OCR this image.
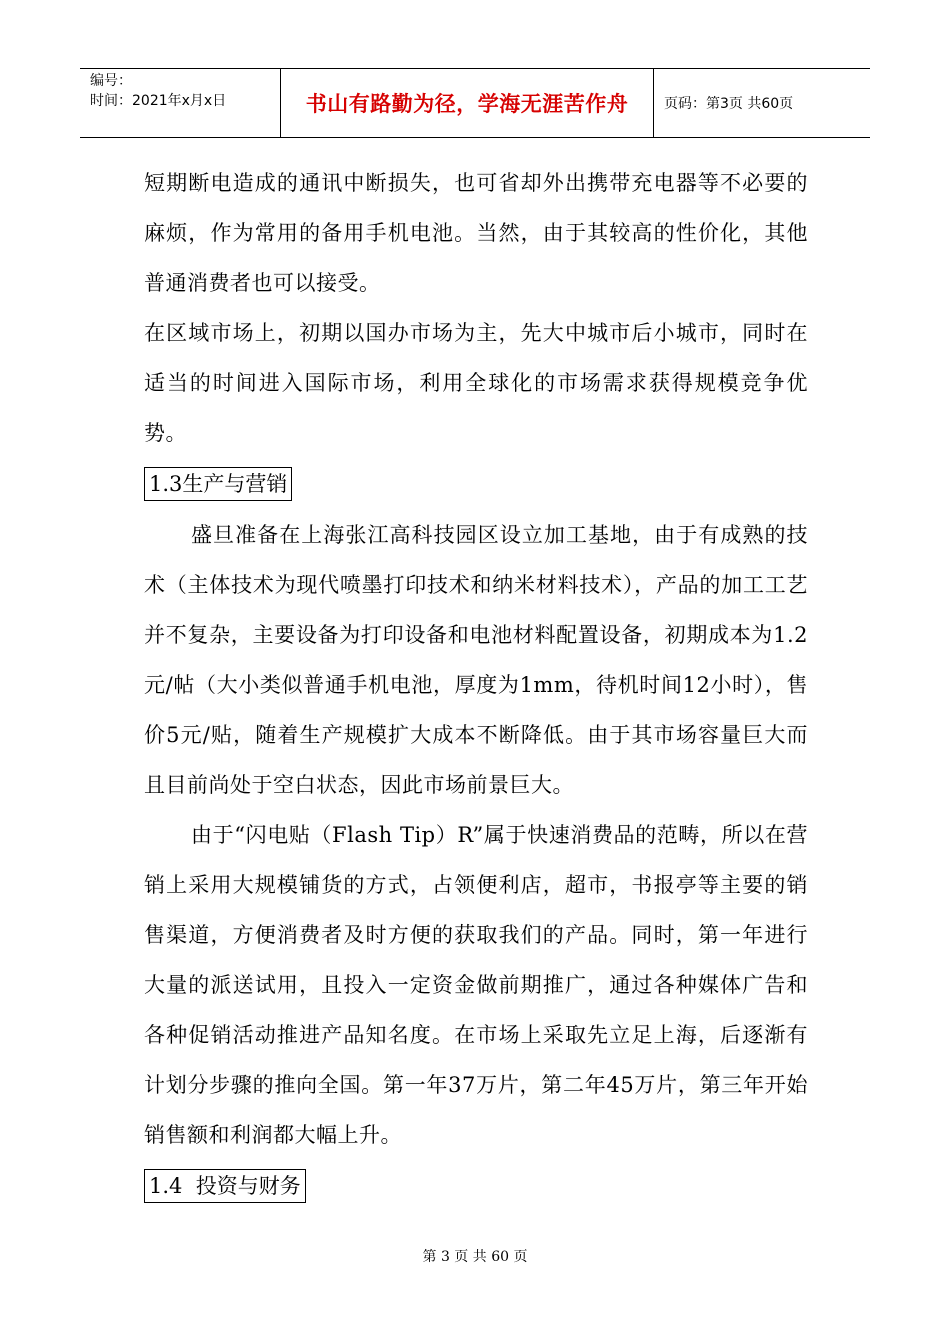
编号：
时间：2021年x月x日	书山有路勤为径，学海无涯苦作舟	页码：第3页 共60页

短期断电造成的通讯中断损失，也可省却外出携带充电器等不必要的麻烦，作为常用的备用手机电池。当然，由于其较高的性价化，其他普通消费者也可以接受。

在区域市场上，初期以国办市场为主，先大中城市后小城市，同时在适当的时间进入国际市场，利用全球化的市场需求获得规模竞争优势。

1.3生产与营销

盛旦准备在上海张江高科技园区设立加工基地，由于有成熟的技术（主体技术为现代喷墨打印技术和纳米材料技术），产品的加工工艺并不复杂，主要设备为打印设备和电池材料配置设备，初期成本为1.2元/帖（大小类似普通手机电池，厚度为1mm，待机时间12小时），售价5元/贴，随着生产规模扩大成本不断降低。由于其市场容量巨大而且目前尚处于空白状态，因此市场前景巨大。

由于“闪电贴（Flash Tip）R”属于快速消费品的范畴，所以在营销上采用大规模铺货的方式，占领便利店，超市，书报亭等主要的销售渠道，方便消费者及时方便的获取我们的产品。同时，第一年进行大量的派送试用，且投入一定资金做前期推广，通过各种媒体广告和各种促销活动推进产品知名度。在市场上采取先立足上海，后逐渐有计划分步骤的推向全国。第一年37万片，第二年45万片，第三年开始销售额和利润都大幅上升。

1.4  投资与财务
第 3 页 共 60 页
